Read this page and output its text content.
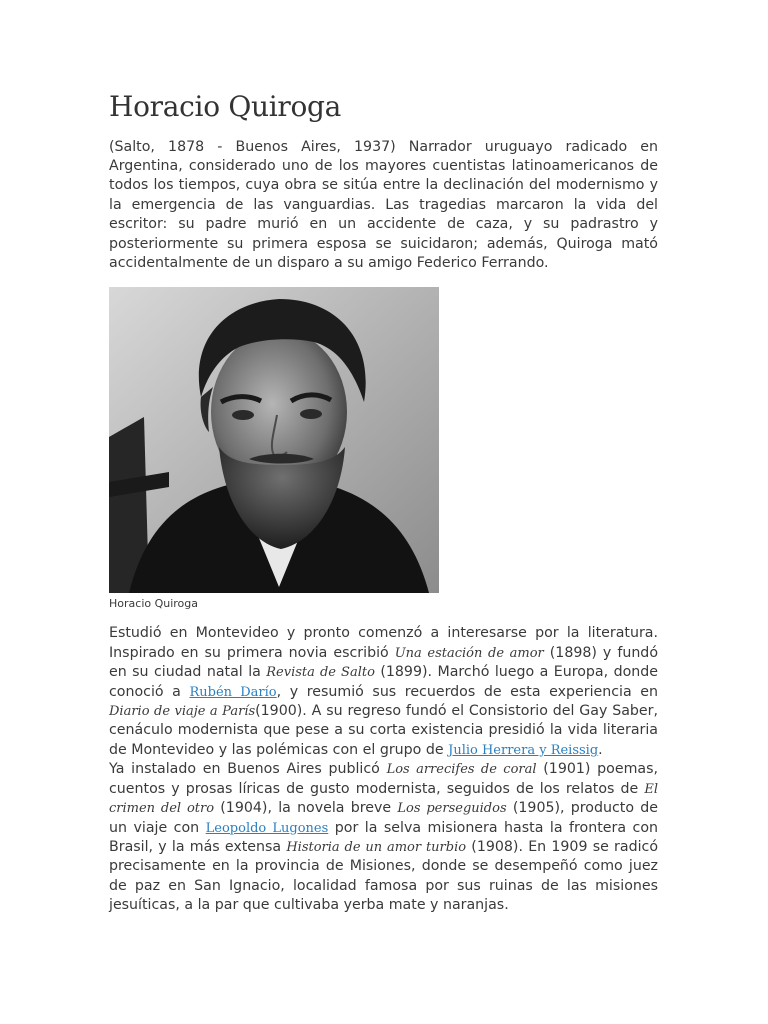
Horacio Quiroga

(Salto, 1878 - Buenos Aires, 1937) Narrador uruguayo radicado en Argentina, considerado uno de los mayores cuentistas latinoamericanos de todos los tiempos, cuya obra se sitúa entre la declinación del modernismo y la emergencia de las vanguardias. Las tragedias marcaron la vida del escritor: su padre murió en un accidente de caza, y su padrastro y posteriormente su primera esposa se suicidaron; además, Quiroga mató accidentalmente de un disparo a su amigo Federico Ferrando.

Horacio Quiroga

Estudió en Montevideo y pronto comenzó a interesarse por la literatura. Inspirado en su primera novia escribió Una estación de amor (1898) y fundó en su ciudad natal la Revista de Salto (1899). Marchó luego a Europa, donde conoció a Rubén Darío, y resumió sus recuerdos de esta experiencia en Diario de viaje a París(1900). A su regreso fundó el Consistorio del Gay Saber, cenáculo modernista que pese a su corta existencia presidió la vida literaria de Montevideo y las polémicas con el grupo de Julio Herrera y Reissig.

Ya instalado en Buenos Aires publicó Los arrecifes de coral (1901) poemas, cuentos y prosas líricas de gusto modernista, seguidos de los relatos de El crimen del otro (1904), la novela breve Los perseguidos (1905), producto de un viaje con Leopoldo Lugones por la selva misionera hasta la frontera con Brasil, y la más extensa Historia de un amor turbio (1908). En 1909 se radicó precisamente en la provincia de Misiones, donde se desempeñó como juez de paz en San Ignacio, localidad famosa por sus ruinas de las misiones jesuíticas, a la par que cultivaba yerba mate y naranjas.
